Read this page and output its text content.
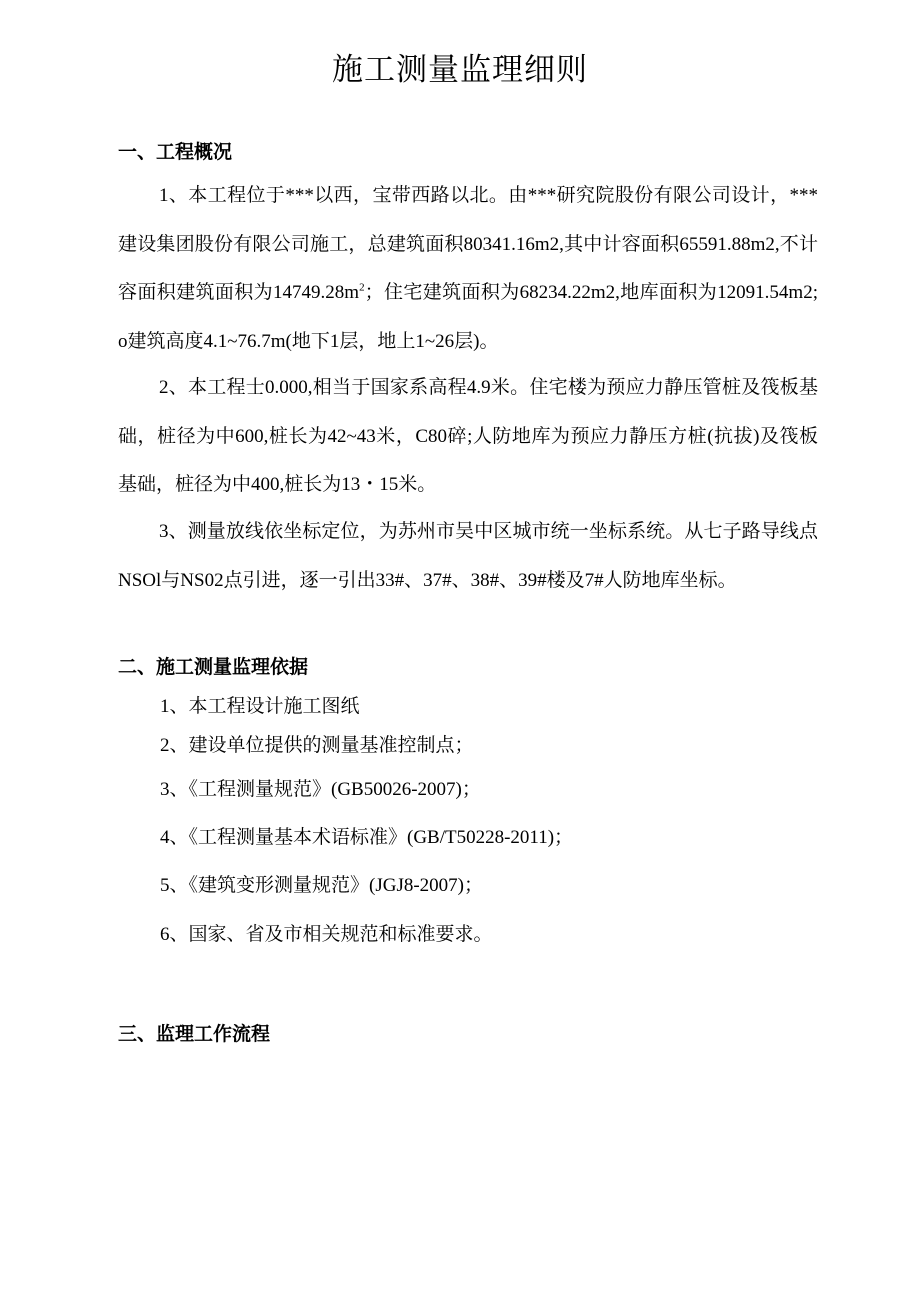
施工测量监理细则
一、工程概况

1、本工程位于***以西，宝带西路以北。由***研究院股份有限公司设计，***建设集团股份有限公司施工，总建筑面积80341.16m2,其中计容面积65591.88m2,不计容面积建筑面积为$14749.28m^2$；住宅建筑面积为68234.22m2,地库面积为12091.54m2;o建筑高度4.1~76.7m(地下1层，地上1~26层)。

2、本工程士0.000,相当于国家系高程4.9米。住宅楼为预应力静压管桩及筏板基础，桩径为中600,桩长为42~43米，C80碎;人防地库为预应力静压方桩(抗拔)及筏板基础，桩径为中400,桩长为13・15米。

3、测量放线依坐标定位，为苏州市吴中区城市统一坐标系统。从七子路导线点NSOl与NS02点引进，逐一引出33#、37#、38#、39#楼及7#人防地库坐标。

二、施工测量监理依据

1、本工程设计施工图纸

2、建设单位提供的测量基准控制点；

3、《工程测量规范》(GB50026-2007)；

4、《工程测量基本术语标准》(GB/T50228-2011)；

5、《建筑变形测量规范》(JGJ8-2007)；

6、国家、省及市相关规范和标准要求。

三、监理工作流程
